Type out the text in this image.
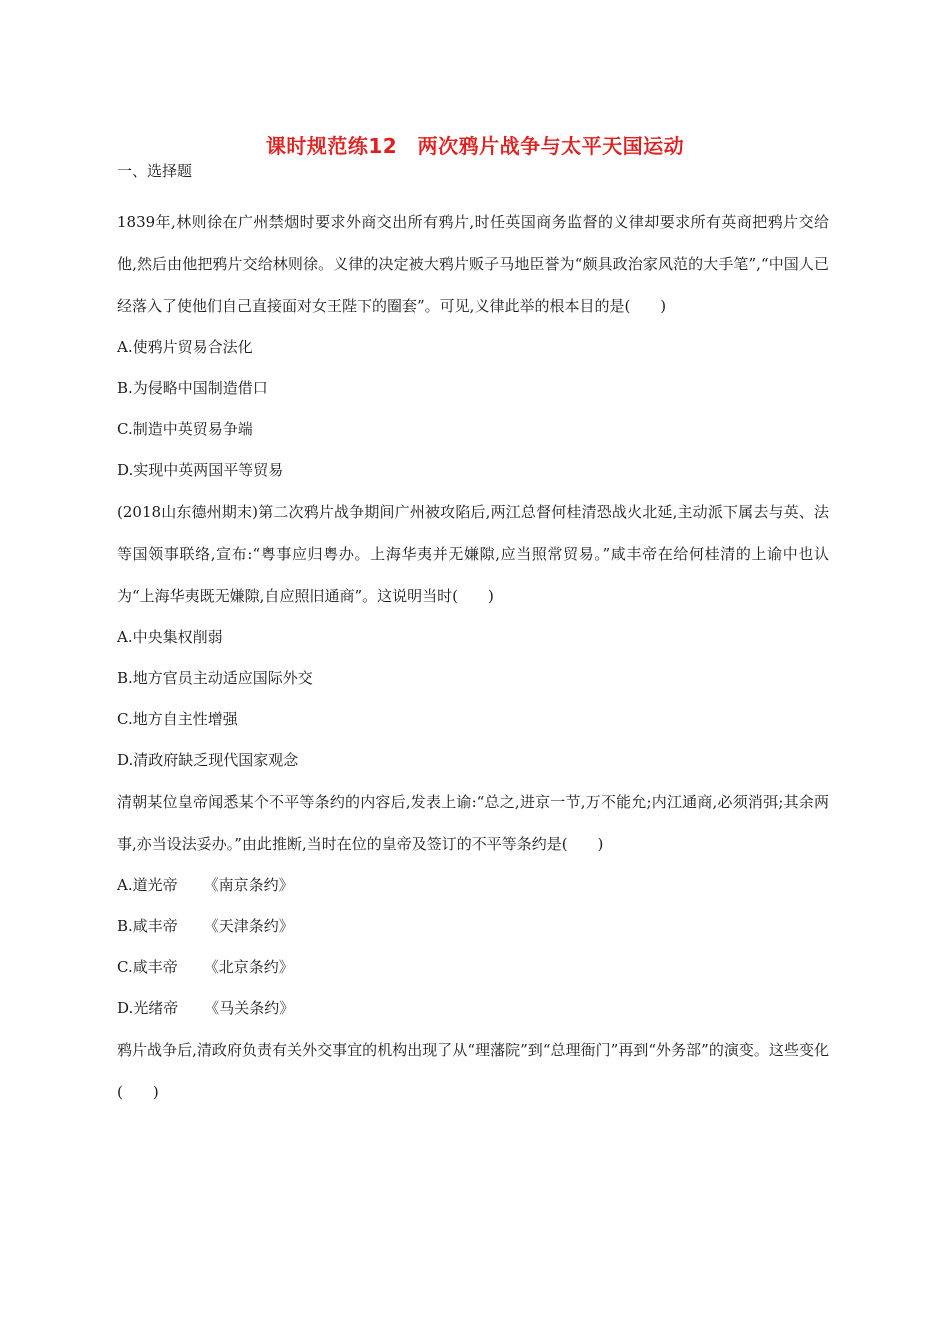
课时规范练12　两次鸦片战争与太平天国运动
一、选择题

1839年,林则徐在广州禁烟时要求外商交出所有鸦片,时任英国商务监督的义律却要求所有英商把鸦片交给他,然后由他把鸦片交给林则徐。义律的决定被大鸦片贩子马地臣誉为“颇具政治家风范的大手笔”,“中国人已经落入了使他们自己直接面对女王陛下的圈套”。可见,义律此举的根本目的是(　　)

A.使鸦片贸易合法化

B.为侵略中国制造借口

C.制造中英贸易争端

D.实现中英两国平等贸易

(2018山东德州期末)第二次鸦片战争期间广州被攻陷后,两江总督何桂清恐战火北延,主动派下属去与英、法等国领事联络,宣布:“粤事应归粤办。上海华夷并无嫌隙,应当照常贸易。”咸丰帝在给何桂清的上谕中也认为“上海华夷既无嫌隙,自应照旧通商”。这说明当时(　　)

A.中央集权削弱

B.地方官员主动适应国际外交

C.地方自主性增强

D.清政府缺乏现代国家观念

清朝某位皇帝闻悉某个不平等条约的内容后,发表上谕:“总之,进京一节,万不能允;内江通商,必须消弭;其余两事,亦当设法妥办。”由此推断,当时在位的皇帝及签订的不平等条约是(　　)

A.道光帝 《南京条约》

B.咸丰帝 《天津条约》

C.咸丰帝 《北京条约》

D.光绪帝 《马关条约》

鸦片战争后,清政府负责有关外交事宜的机构出现了从“理藩院”到“总理衙门”再到“外务部”的演变。这些变化(　　)
